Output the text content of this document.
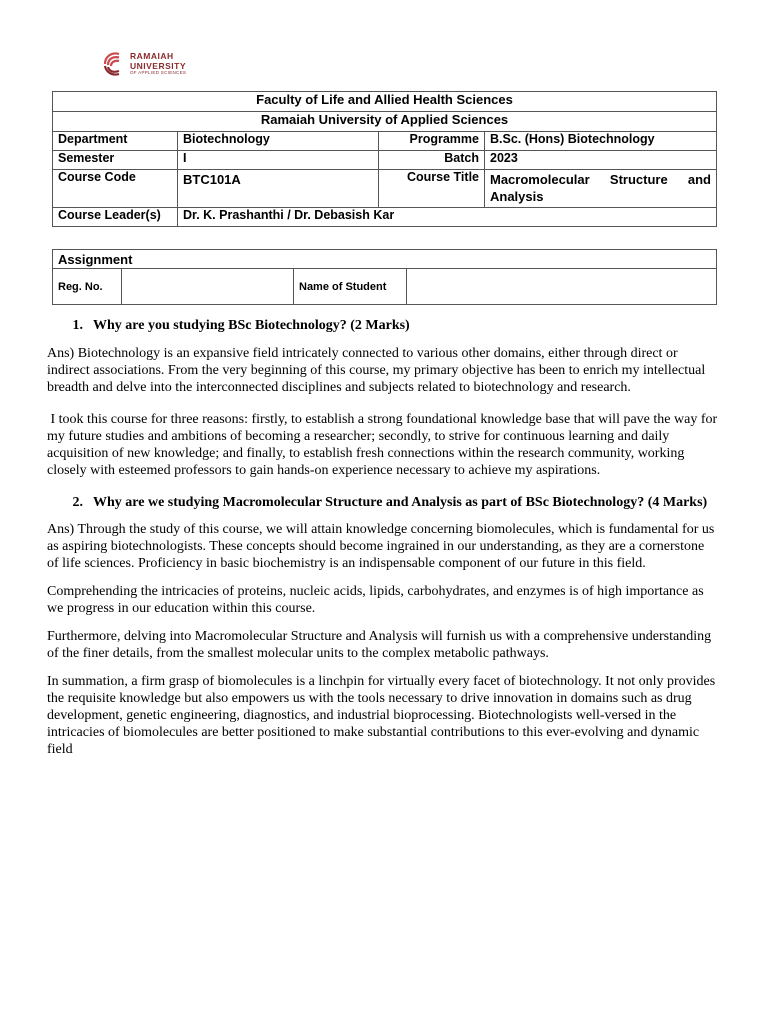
RAMAIAH
UNIVERSITY
OF APPLIED SCIENCES
Faculty of Life and Allied Health Sciences			
Ramaiah University of Applied Sciences			
Department	Biotechnology	Programme	B.Sc. (Hons) Biotechnology
Semester	I	Batch	2023
Course Code	BTC101A	Course Title	Macromolecular Structure and Analysis
Course Leader(s)	Dr. K. Prashanthi / Dr. Debasish Kar		
Assignment
Reg. No.		Name of Student	
1. Why are you studying BSc Biotechnology? (2 Marks)

Ans) Biotechnology is an expansive field intricately connected to various other domains, either through direct or indirect associations. From the very beginning of this course, my primary objective has been to enrich my intellectual breadth and delve into the interconnected disciplines and subjects related to biotechnology and research.

I took this course for three reasons: firstly, to establish a strong foundational knowledge base that will pave the way for my future studies and ambitions of becoming a researcher; secondly, to strive for continuous learning and daily acquisition of new knowledge; and finally, to establish fresh connections within the research community, working closely with esteemed professors to gain hands-on experience necessary to achieve my aspirations.

2. Why are we studying Macromolecular Structure and Analysis as part of BSc Biotechnology? (4 Marks)

Ans) Through the study of this course, we will attain knowledge concerning biomolecules, which is fundamental for us as aspiring biotechnologists. These concepts should become ingrained in our understanding, as they are a cornerstone of life sciences. Proficiency in basic biochemistry is an indispensable component of our future in this field.

Comprehending the intricacies of proteins, nucleic acids, lipids, carbohydrates, and enzymes is of high importance as we progress in our education within this course.

Furthermore, delving into Macromolecular Structure and Analysis will furnish us with a comprehensive understanding of the finer details, from the smallest molecular units to the complex metabolic pathways.

In summation, a firm grasp of biomolecules is a linchpin for virtually every facet of biotechnology. It not only provides the requisite knowledge but also empowers us with the tools necessary to drive innovation in domains such as drug development, genetic engineering, diagnostics, and industrial bioprocessing. Biotechnologists well-versed in the intricacies of biomolecules are better positioned to make substantial contributions to this ever-evolving and dynamic field
